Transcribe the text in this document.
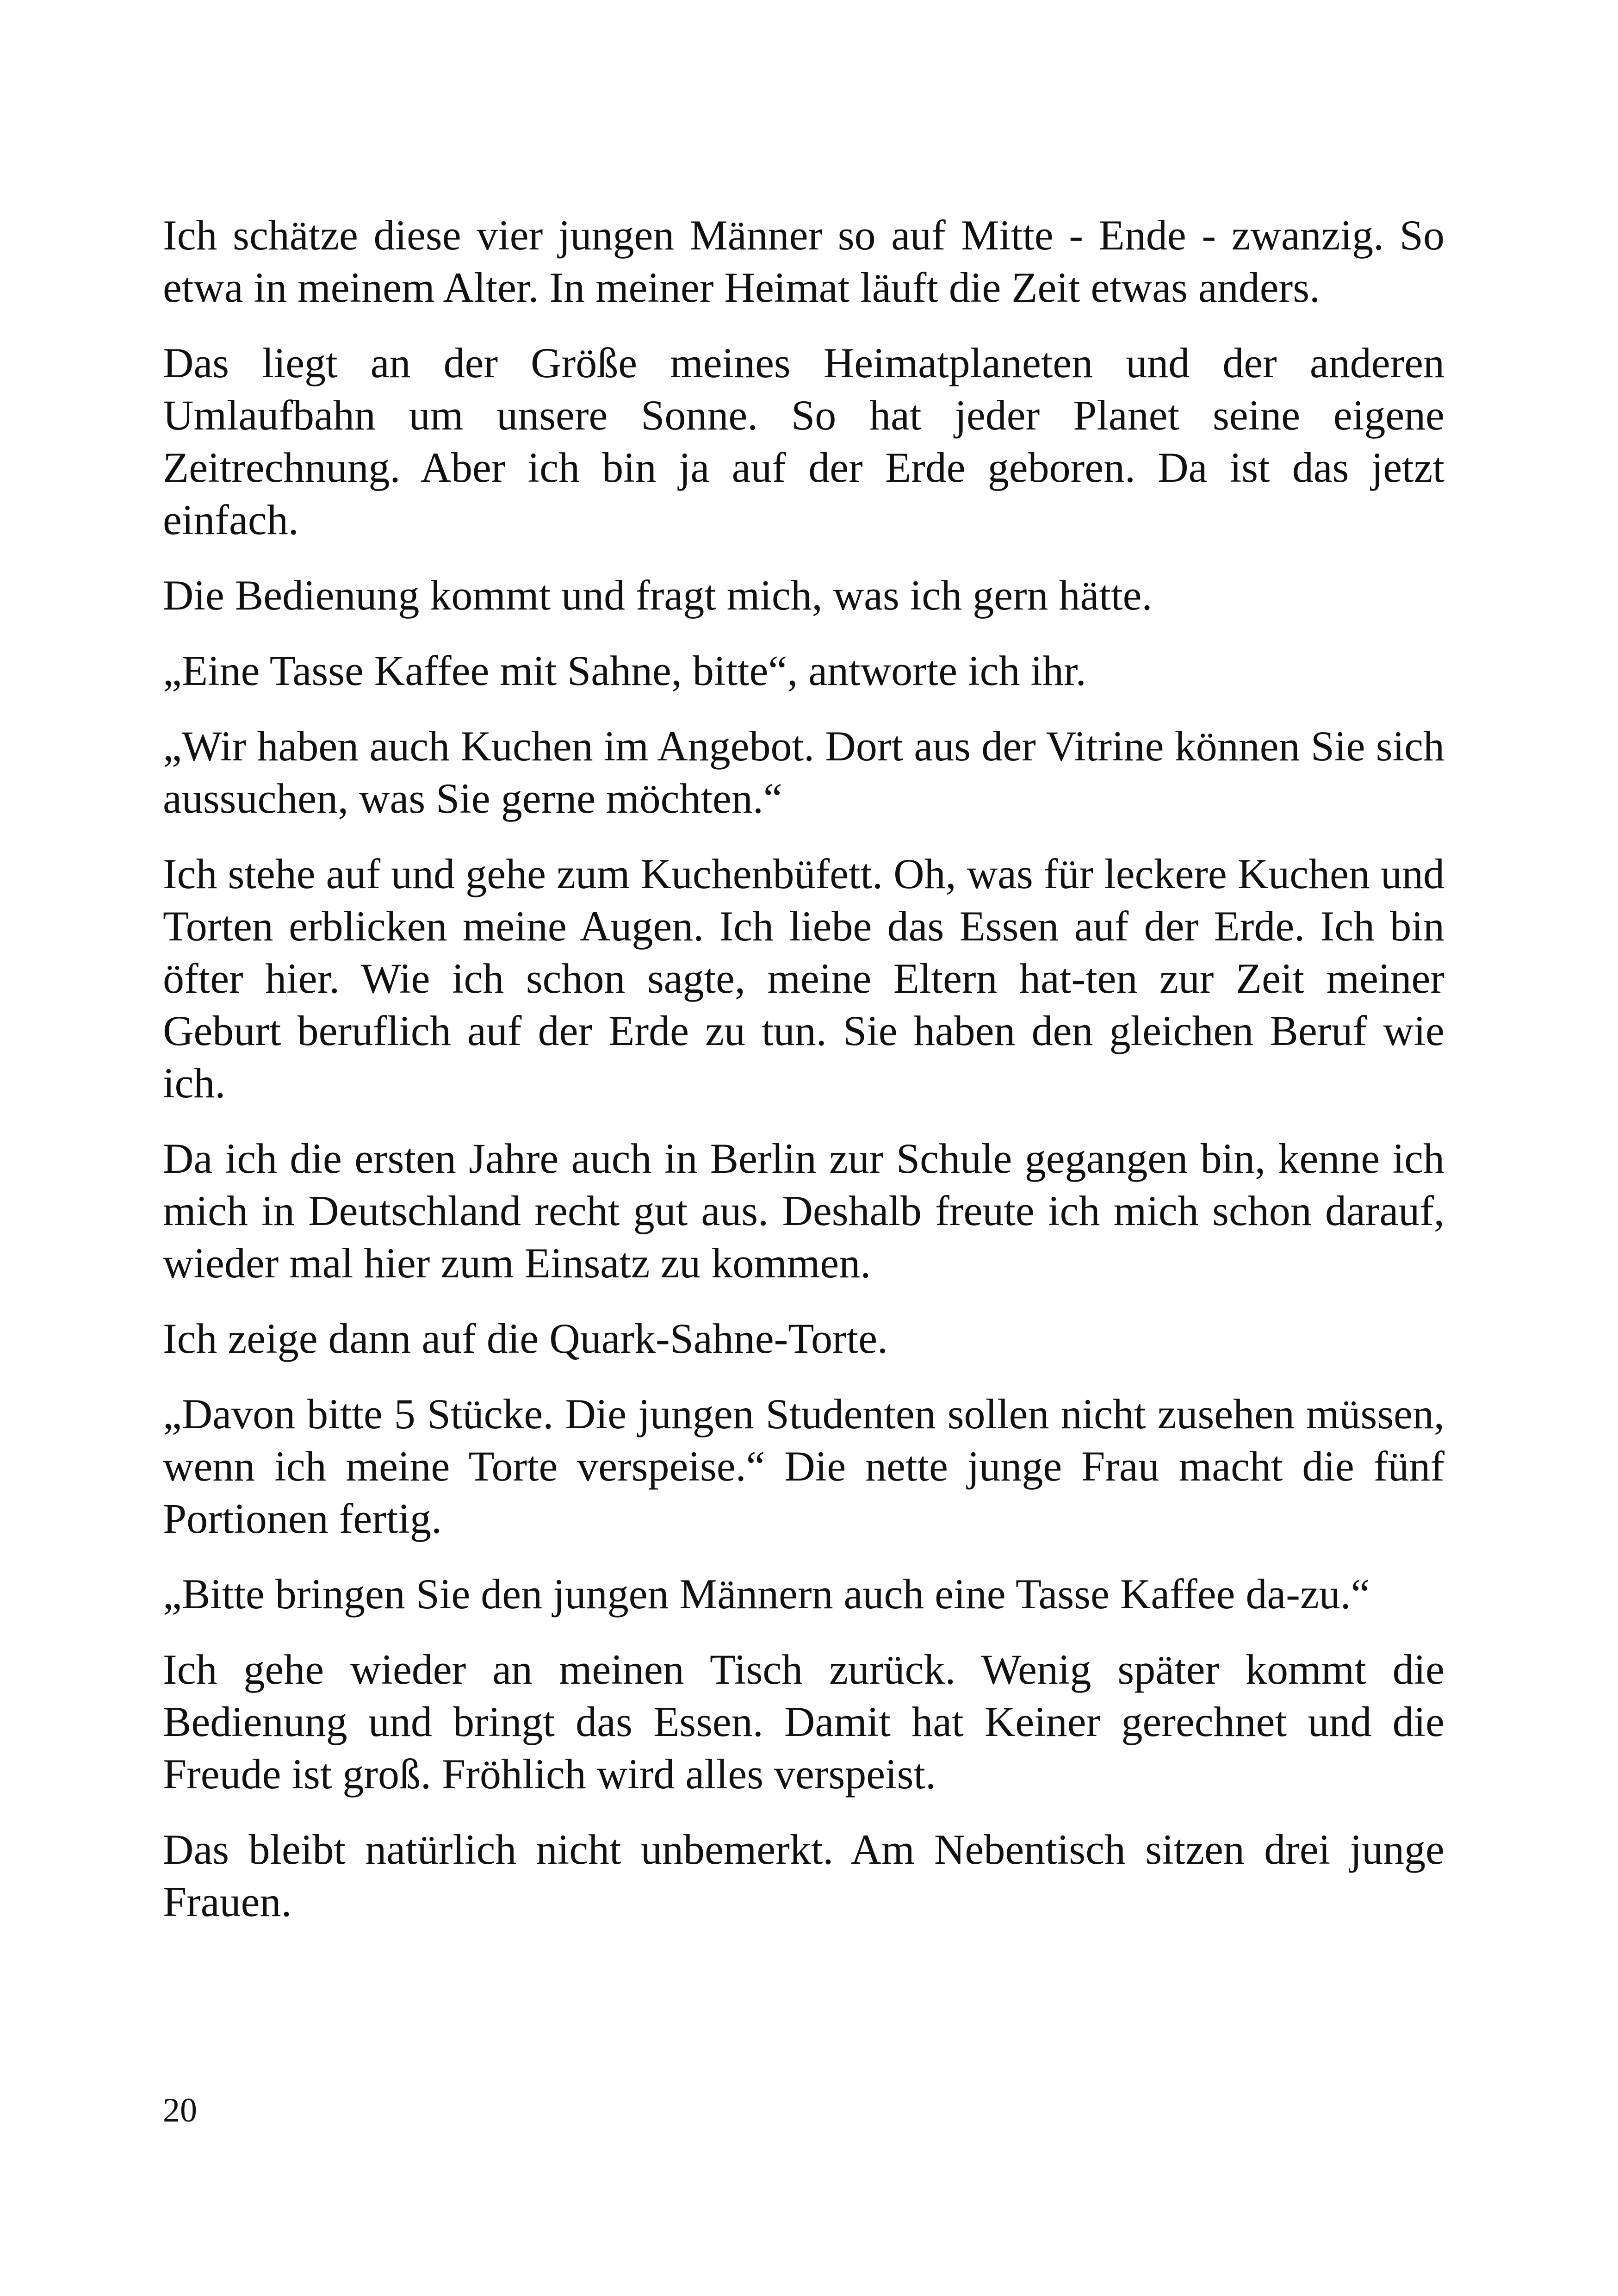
Ich schätze diese vier jungen Männer so auf Mitte - Ende - zwanzig. So etwa in meinem Alter. In meiner Heimat läuft die Zeit etwas anders.

Das liegt an der Größe meines Heimatplaneten und der anderen Umlaufbahn um unsere Sonne. So hat jeder Planet seine eigene Zeitrechnung. Aber ich bin ja auf der Erde geboren. Da ist das jetzt einfach.

Die Bedienung kommt und fragt mich, was ich gern hätte.

„Eine Tasse Kaffee mit Sahne, bitte“, antworte ich ihr.

„Wir haben auch Kuchen im Angebot. Dort aus der Vitrine können Sie sich aussuchen, was Sie gerne möchten.“

Ich stehe auf und gehe zum Kuchenbüfett. Oh, was für leckere Kuchen und Torten erblicken meine Augen. Ich liebe das Essen auf der Erde. Ich bin öfter hier. Wie ich schon sagte, meine Eltern hat-ten zur Zeit meiner Geburt beruflich auf der Erde zu tun. Sie haben den gleichen Beruf wie ich.

Da ich die ersten Jahre auch in Berlin zur Schule gegangen bin, kenne ich mich in Deutschland recht gut aus. Deshalb freute ich mich schon darauf, wieder mal hier zum Einsatz zu kommen.

Ich zeige dann auf die Quark-Sahne-Torte.

„Davon bitte 5 Stücke. Die jungen Studenten sollen nicht zusehen müssen, wenn ich meine Torte verspeise.“ Die nette junge Frau macht die fünf Portionen fertig.

„Bitte bringen Sie den jungen Männern auch eine Tasse Kaffee da-zu.“

Ich gehe wieder an meinen Tisch zurück. Wenig später kommt die Bedienung und bringt das Essen. Damit hat Keiner gerechnet und die Freude ist groß. Fröhlich wird alles verspeist.

Das bleibt natürlich nicht unbemerkt. Am Nebentisch sitzen drei junge Frauen.

20
